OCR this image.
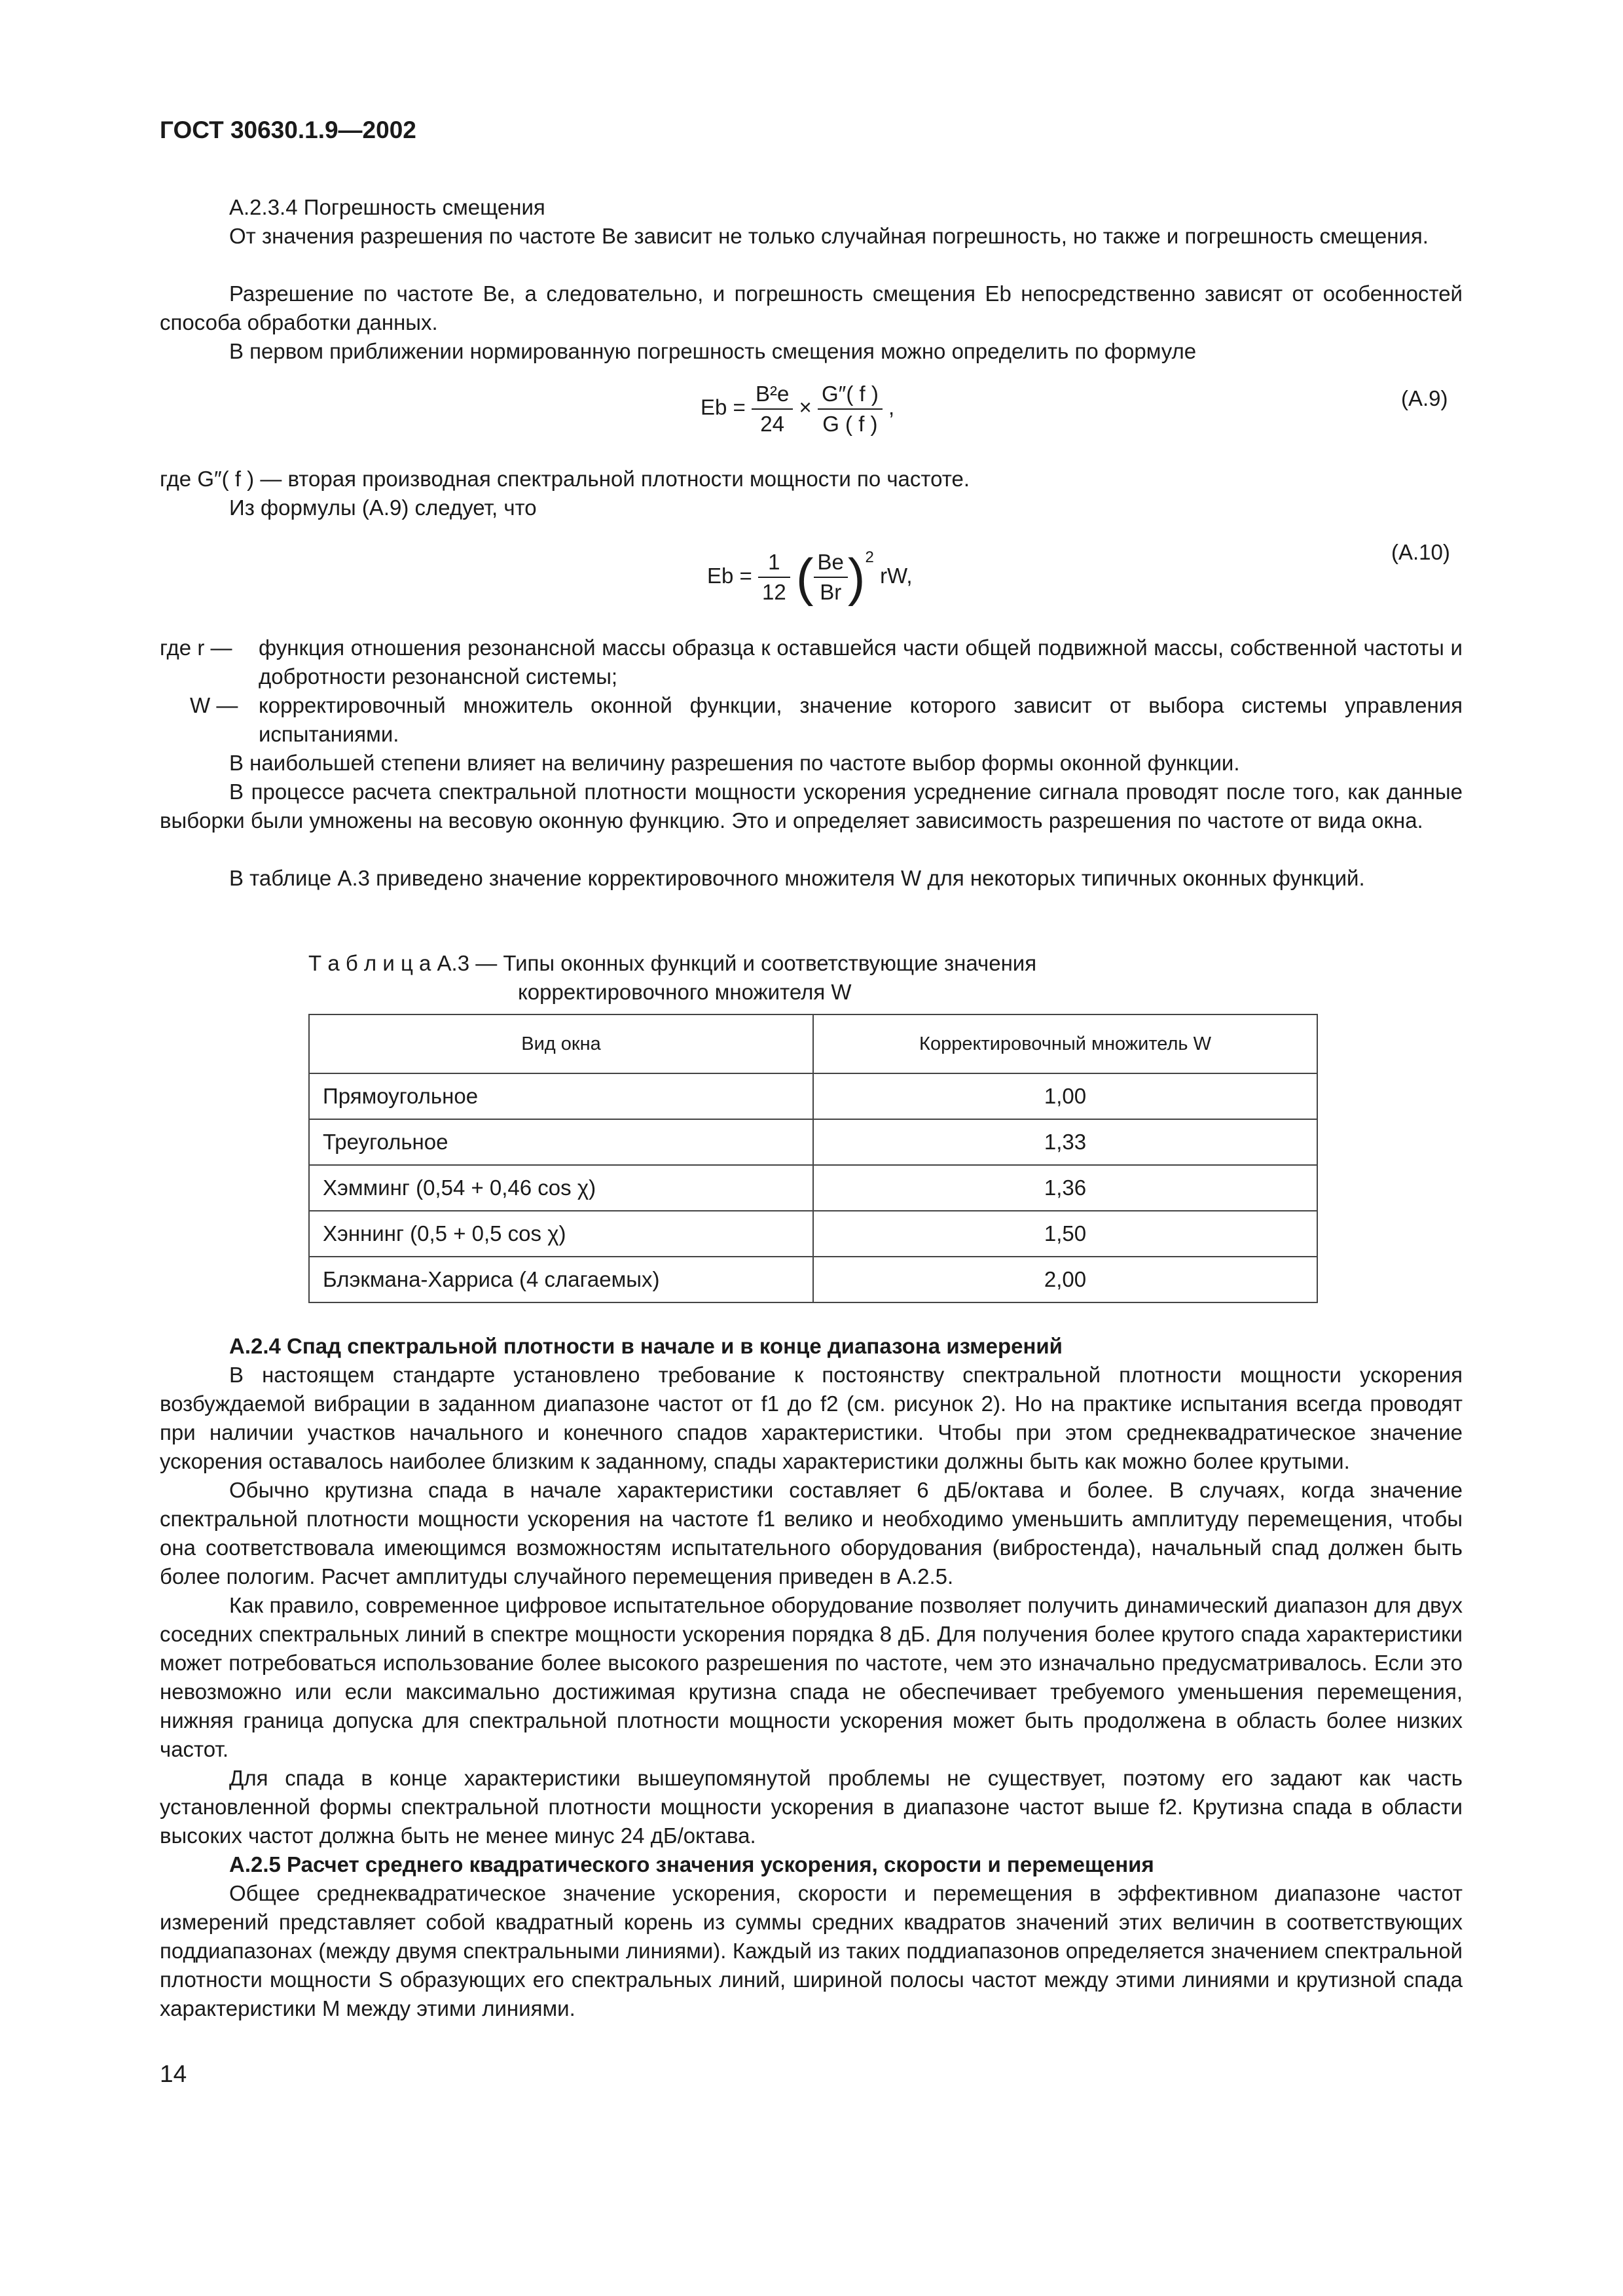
ГОСТ 30630.1.9—2002
А.2.3.4 Погрешность смещения
От значения разрешения по частоте Be зависит не только случайная погрешность, но также и погрешность смещения.
Разрешение по частоте Be, а следовательно, и погрешность смещения Eb непосредственно зависят от особенностей способа обработки данных.
В первом приближении нормированную погрешность смещения можно определить по формуле
$Eb = \frac{\text{B²e}}{24} \times \frac{G''( f )}{G ( f )}$ ,	(А.9)
где G″( f ) — вторая производная спектральной плотности мощности по частоте.
Из формулы (А.9) следует, что
$Eb = \frac{1}{12}$ ( $\frac{Be}{Br} )^2$ rW,
(А.10)
где r — функция отношения резонансной массы образца к оставшейся части общей подвижной массы, собственной частоты и добротности резонансной системы;
W — корректировочный множитель оконной функции, значение которого зависит от выбора системы управления испытаниями.
В наибольшей степени влияет на величину разрешения по частоте выбор формы оконной функции.
В процессе расчета спектральной плотности мощности ускорения усреднение сигнала проводят после того, как данные выборки были умножены на весовую оконную функцию. Это и определяет зависимость разрешения по частоте от вида окна.
В таблице А.3 приведено значение корректировочного множителя W для некоторых типичных оконных функций.
Т а б л и ц а А.3 — Типы оконных функций и соответствующие значения
корректировочного множителя W
Вид окна	Корректировочный множитель W
Прямоугольное	1,00
Треугольное	1,33
Хэмминг (0,54 + 0,46 cos χ)	1,36
Хэннинг (0,5 + 0,5 cos χ)	1,50
Блэкмана-Харриса (4 слагаемых)	2,00
А.2.4 Спад спектральной плотности в начале и в конце диапазона измерений
В настоящем стандарте установлено требование к постоянству спектральной плотности мощности ускорения возбуждаемой вибрации в заданном диапазоне частот от f1 до f2 (см. рисунок 2). Но на практике испытания всегда проводят при наличии участков начального и конечного спадов характеристики. Чтобы при этом среднеквадратическое значение ускорения оставалось наиболее близким к заданному, спады характеристики должны быть как можно более крутыми.
Обычно крутизна спада в начале характеристики составляет 6 дБ/октава и более. В случаях, когда значение спектральной плотности мощности ускорения на частоте f1 велико и необходимо уменьшить амплитуду перемещения, чтобы она соответствовала имеющимся возможностям испытательного оборудования (вибростенда), начальный спад должен быть более пологим. Расчет амплитуды случайного перемещения приведен в А.2.5.
Как правило, современное цифровое испытательное оборудование позволяет получить динамический диапазон для двух соседних спектральных линий в спектре мощности ускорения порядка 8 дБ. Для получения более крутого спада характеристики может потребоваться использование более высокого разрешения по частоте, чем это изначально предусматривалось. Если это невозможно или если максимально достижимая крутизна спада не обеспечивает требуемого уменьшения перемещения, нижняя граница допуска для спектральной плотности мощности ускорения может быть продолжена в область более низких частот.
Для спада в конце характеристики вышеупомянутой проблемы не существует, поэтому его задают как часть установленной формы спектральной плотности мощности ускорения в диапазоне частот выше f2. Крутизна спада в области высоких частот должна быть не менее минус 24 дБ/октава.
А.2.5 Расчет среднего квадратического значения ускорения, скорости и перемещения
Общее среднеквадратическое значение ускорения, скорости и перемещения в эффективном диапазоне частот измерений представляет собой квадратный корень из суммы средних квадратов значений этих величин в соответствующих поддиапазонах (между двумя спектральными линиями). Каждый из таких поддиапазонов определяется значением спектральной плотности мощности S образующих его спектральных линий, шириной полосы частот между этими линиями и крутизной спада характеристики M между этими линиями.
14
